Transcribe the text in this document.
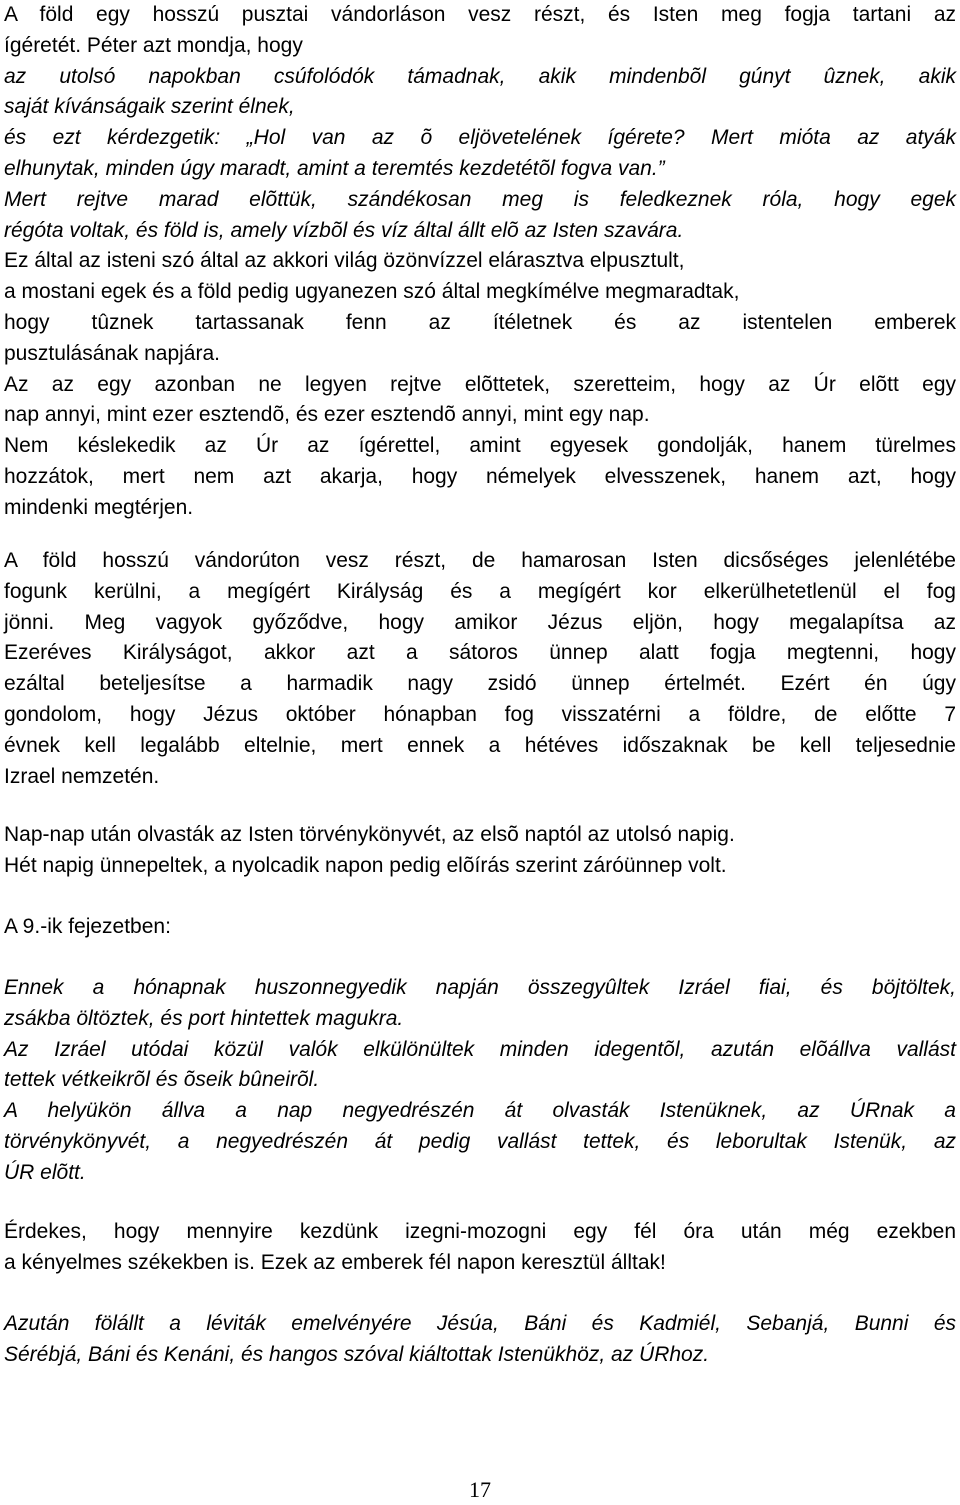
A föld egy hosszú pusztai vándorláson vesz részt, és Isten meg fogja tartani az
ígéretét. Péter azt mondja, hogy
az utolsó napokban csúfolódók támadnak, akik mindenbõl gúnyt ûznek, akik
saját kívánságaik szerint élnek,
és ezt kérdezgetik: „Hol van az õ eljövetelének ígérete? Mert mióta az atyák
elhunytak, minden úgy maradt, amint a teremtés kezdetétõl fogva van.”
Mert rejtve marad elõttük, szándékosan meg is feledkeznek róla, hogy egek
régóta voltak, és föld is, amely vízbõl és víz által állt elõ az Isten szavára.
Ez által az isteni szó által az akkori világ özönvízzel elárasztva elpusztult,
a mostani egek és a föld pedig ugyanezen szó által megkímélve megmaradtak,
hogy tûznek tartassanak fenn az ítéletnek és az istentelen emberek
pusztulásának napjára.
Az az egy azonban ne legyen rejtve elõttetek, szeretteim, hogy az Úr elõtt egy
nap annyi, mint ezer esztendõ, és ezer esztendõ annyi, mint egy nap.
Nem késlekedik az Úr az ígérettel, amint egyesek gondolják, hanem türelmes
hozzátok, mert nem azt akarja, hogy némelyek elvesszenek, hanem azt, hogy
mindenki megtérjen.
A föld hosszú vándorúton vesz részt, de hamarosan Isten dicsőséges jelenlétébe
fogunk kerülni, a megígért Királyság és a megígért kor elkerülhetetlenül el fog
jönni. Meg vagyok győződve, hogy amikor Jézus eljön, hogy megalapítsa az
Ezeréves Királyságot, akkor azt a sátoros ünnep alatt fogja megtenni, hogy
ezáltal beteljesítse a harmadik nagy zsidó ünnep értelmét. Ezért én úgy
gondolom, hogy Jézus október hónapban fog visszatérni a földre, de előtte 7
évnek kell legalább eltelnie, mert ennek a hétéves időszaknak be kell teljesednie
Izrael nemzetén.
Nap-nap után olvasták az Isten törvénykönyvét, az elsõ naptól az utolsó napig.
Hét napig ünnepeltek, a nyolcadik napon pedig elõírás szerint záróünnep volt.
A 9.-ik fejezetben:
Ennek a hónapnak huszonnegyedik napján összegyûltek Izráel fiai, és böjtöltek,
zsákba öltöztek, és port hintettek magukra.
Az Izráel utódai közül valók elkülönültek minden idegentõl, azután elõállva vallást
tettek vétkeikrõl és õseik bûneirõl.
A helyükön állva a nap negyedrészén át olvasták Istenüknek, az ÚRnak a
törvénykönyvét, a negyedrészén át pedig vallást tettek, és leborultak Istenük, az
ÚR elõtt.
Érdekes, hogy mennyire kezdünk izegni-mozogni egy fél óra után még ezekben
a kényelmes székekben is. Ezek az emberek fél napon keresztül álltak!
Azután fölállt a léviták emelvényére Jésúa, Báni és Kadmiél, Sebanjá, Bunni és
Sérébjá, Báni és Kenáni, és hangos szóval kiáltottak Istenükhöz, az ÚRhoz.
17
